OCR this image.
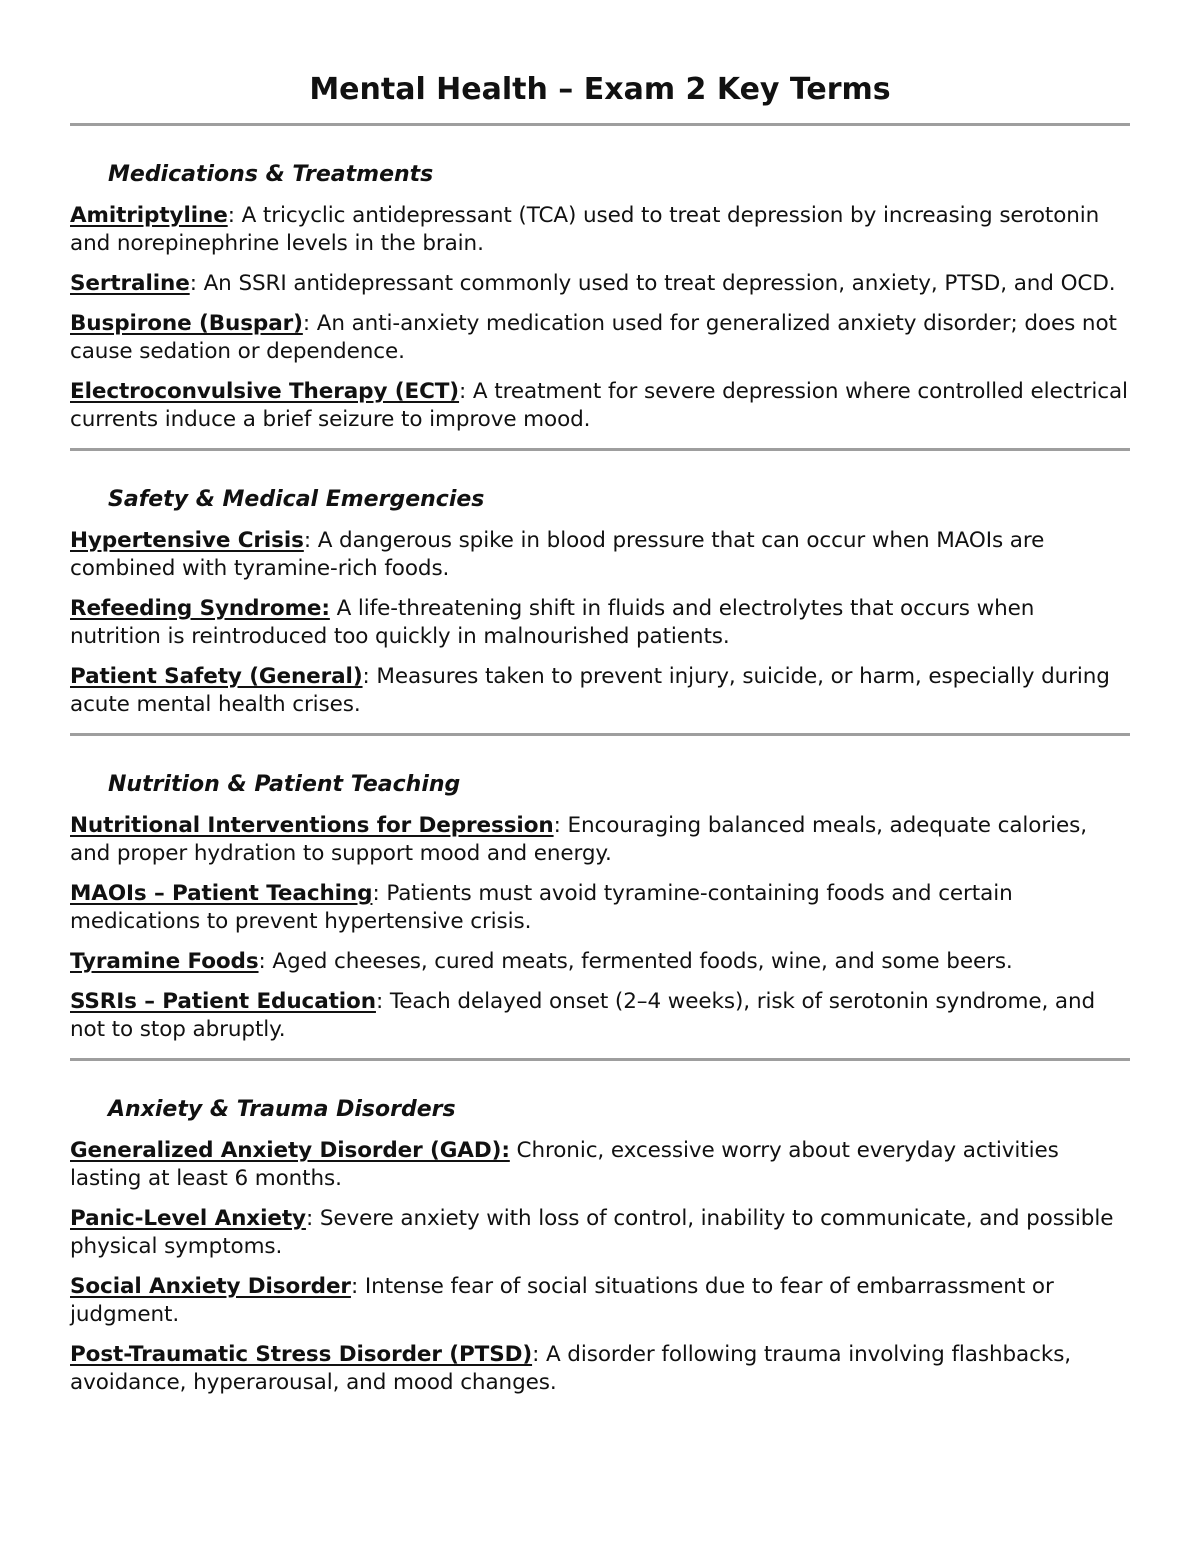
Mental Health – Exam 2 Key Terms
Medications & Treatments

Amitriptyline: A tricyclic antidepressant (TCA) used to treat depression by increasing serotonin and norepinephrine levels in the brain.

Sertraline: An SSRI antidepressant commonly used to treat depression, anxiety, PTSD, and OCD.

Buspirone (Buspar): An anti-anxiety medication used for generalized anxiety disorder; does not cause sedation or dependence.

Electroconvulsive Therapy (ECT): A treatment for severe depression where controlled electrical currents induce a brief seizure to improve mood.

Safety & Medical Emergencies

Hypertensive Crisis: A dangerous spike in blood pressure that can occur when MAOIs are combined with tyramine-rich foods.

Refeeding Syndrome: A life-threatening shift in fluids and electrolytes that occurs when nutrition is reintroduced too quickly in malnourished patients.

Patient Safety (General): Measures taken to prevent injury, suicide, or harm, especially during acute mental health crises.

Nutrition & Patient Teaching

Nutritional Interventions for Depression: Encouraging balanced meals, adequate calories, and proper hydration to support mood and energy.

MAOIs – Patient Teaching: Patients must avoid tyramine-containing foods and certain medications to prevent hypertensive crisis.

Tyramine Foods: Aged cheeses, cured meats, fermented foods, wine, and some beers.

SSRIs – Patient Education: Teach delayed onset (2–4 weeks), risk of serotonin syndrome, and not to stop abruptly.

Anxiety & Trauma Disorders

Generalized Anxiety Disorder (GAD): Chronic, excessive worry about everyday activities lasting at least 6 months.

Panic-Level Anxiety: Severe anxiety with loss of control, inability to communicate, and possible physical symptoms.

Social Anxiety Disorder: Intense fear of social situations due to fear of embarrassment or judgment.

Post-Traumatic Stress Disorder (PTSD): A disorder following trauma involving flashbacks, avoidance, hyperarousal, and mood changes.
